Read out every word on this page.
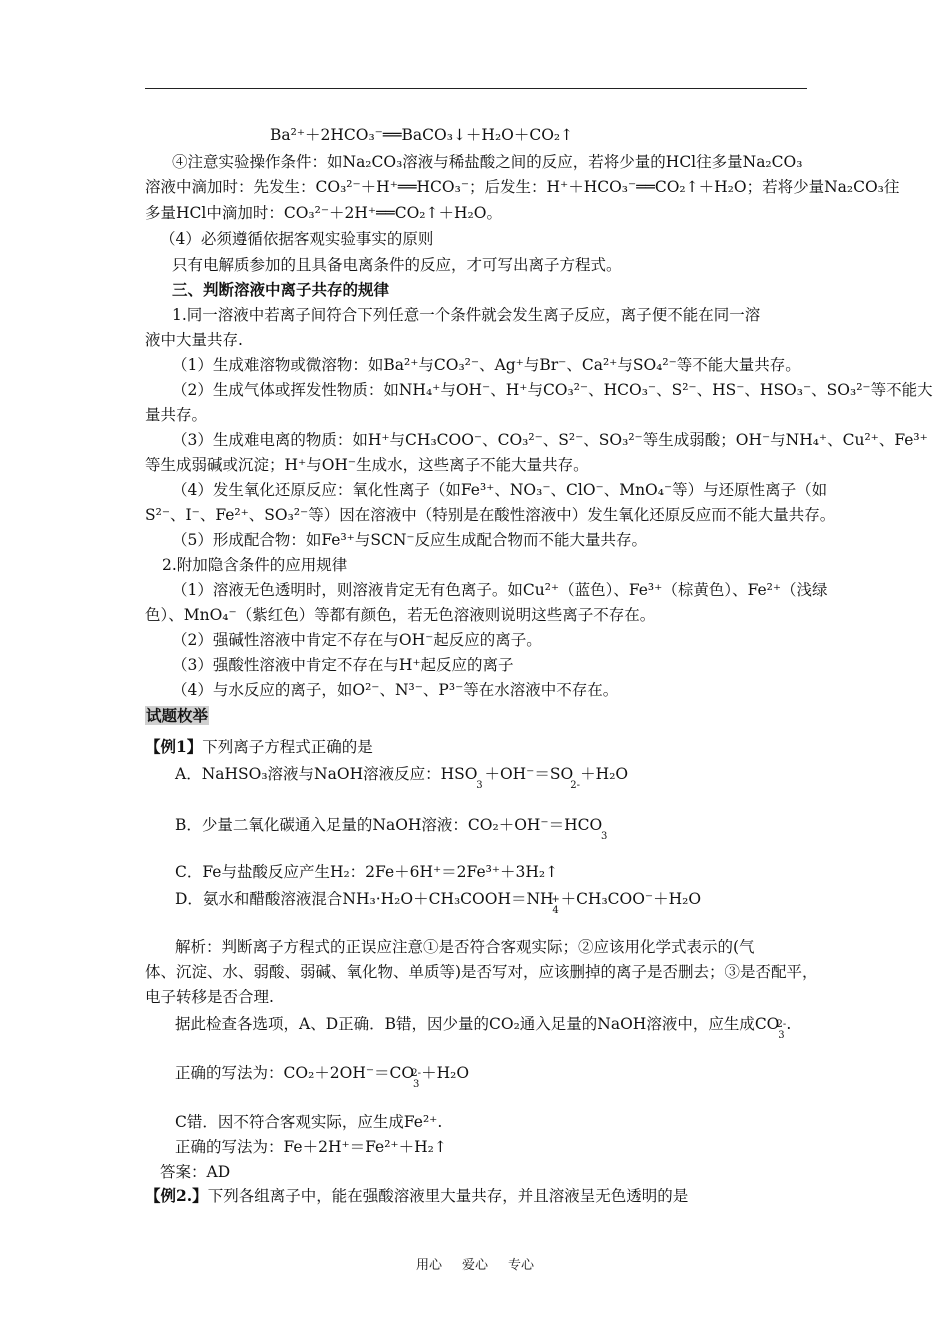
Ba²⁺＋2HCO₃⁻══BaCO₃↓＋H₂O＋CO₂↑
④注意实验操作条件：如Na₂CO₃溶液与稀盐酸之间的反应，若将少量的HCl往多量Na₂CO₃
溶液中滴加时：先发生：CO₃²⁻＋H⁺══HCO₃⁻；后发生：H⁺＋HCO₃⁻══CO₂↑＋H₂O；若将少量Na₂CO₃往
多量HCl中滴加时：CO₃²⁻＋2H⁺══CO₂↑＋H₂O。
（4）必须遵循依据客观实验事实的原则
只有电解质参加的且具备电离条件的反应，才可写出离子方程式。
三、判断溶液中离子共存的规律
1.同一溶液中若离子间符合下列任意一个条件就会发生离子反应，离子便不能在同一溶
液中大量共存.
（1）生成难溶物或微溶物：如Ba²⁺与CO₃²⁻、Ag⁺与Br⁻、Ca²⁺与SO₄²⁻等不能大量共存。
（2）生成气体或挥发性物质：如NH₄⁺与OH⁻、H⁺与CO₃²⁻、HCO₃⁻、S²⁻、HS⁻、HSO₃⁻、SO₃²⁻等不能大
量共存。
（3）生成难电离的物质：如H⁺与CH₃COO⁻、CO₃²⁻、S²⁻、SO₃²⁻等生成弱酸；OH⁻与NH₄⁺、Cu²⁺、Fe³⁺
等生成弱碱或沉淀；H⁺与OH⁻生成水，这些离子不能大量共存。
（4）发生氧化还原反应：氧化性离子（如Fe³⁺、NO₃⁻、ClO⁻、MnO₄⁻等）与还原性离子（如
S²⁻、I⁻、Fe²⁺、SO₃²⁻等）因在溶液中（特别是在酸性溶液中）发生氧化还原反应而不能大量共存。
（5）形成配合物：如Fe³⁺与SCN⁻反应生成配合物而不能大量共存。
2.附加隐含条件的应用规律
（1）溶液无色透明时，则溶液肯定无有色离子。如Cu²⁺（蓝色）、Fe³⁺（棕黄色）、Fe²⁺（浅绿
色）、MnO₄⁻（紫红色）等都有颜色，若无色溶液则说明这些离子不存在。
（2）强碱性溶液中肯定不存在与OH⁻起反应的离子。
（3）强酸性溶液中肯定不存在与H⁺起反应的离子
（4）与水反应的离子，如O²⁻、N³⁻、P³⁻等在水溶液中不存在。
试题枚举
【例1】下列离子方程式正确的是
A．NaHSO₃溶液与NaOH溶液反应：HSO3＋OH⁻＝SO2-＋H₂O
B．少量二氧化碳通入足量的NaOH溶液：CO₂＋OH⁻＝HCO3
C．Fe与盐酸反应产生H₂：2Fe＋6H⁺＝2Fe³⁺＋3H₂↑
D．氨水和醋酸溶液混合NH₃·H₂O＋CH₃COOH＝NH+4＋CH₃COO⁻＋H₂O
解析：判断离子方程式的正误应注意①是否符合客观实际；②应该用化学式表示的(气
体、沉淀、水、弱酸、弱碱、氧化物、单质等)是否写对，应该删掉的离子是否删去；③是否配平，
电子转移是否合理.
据此检查各选项，A、D正确．B错，因少量的CO₂通入足量的NaOH溶液中，应生成CO2-3.
正确的写法为：CO₂＋2OH⁻＝CO2-3＋H₂O
C错．因不符合客观实际，应生成Fe²⁺.
正确的写法为：Fe＋2H⁺＝Fe²⁺＋H₂↑
答案：AD
【例2.】下列各组离子中，能在强酸溶液里大量共存，并且溶液呈无色透明的是
用心 爱心 专心
